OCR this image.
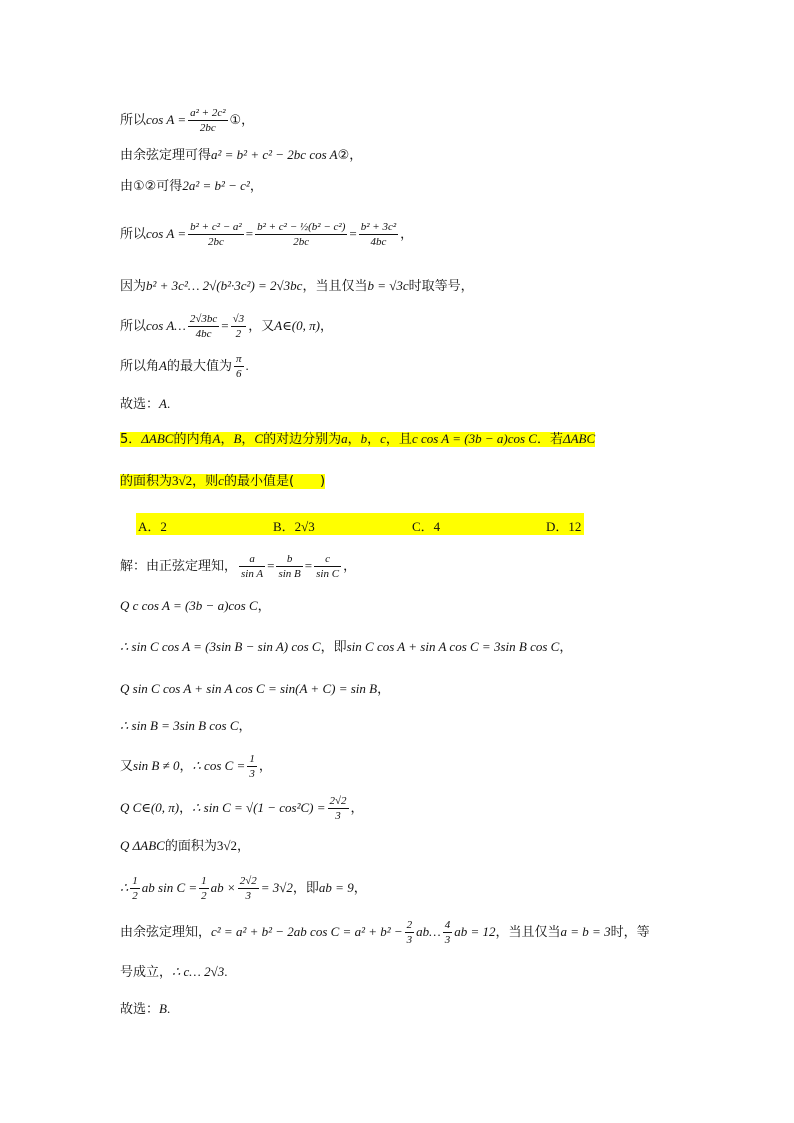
所以$\cos A = \frac{\text{a² + 2c²}}{2bc}$ ①，
由余弦定理可得a² = b² + c² − 2bc cos A②，
由①②可得2a² = b² − c²，
所以$\cos A = \frac{\text{b² + c² − a²}}{2bc} = \frac{\text{b² + c² − ½(b² − c²)}}{2bc} = \frac{\text{b² + 3c²}}{4bc}$ ，
因为b² + 3c²… 2√(b²·3c²) = 2√3bc，当且仅当b = √3c时取等号，
所以cos A… $\frac{2√3bc}{4bc} = \frac{√3}{2}$ ，又A∈(0, π)，
所以角A的最大值为 $\frac{\pi}{6}$ .
故选：A.
5．ΔABC的内角A，B，C的对边分别为a，b，c，且c cos A = (3b − a)cos C．若ΔABC
的面积为3√2，则c的最小值是(　　)
A．2	B．2√3	C．4	D．12
解：由正弦定理知， $\frac{a}{\text{sin A}} = \frac{b}{\text{sin B}} = \frac{c}{\text{sin C}}$ ，
Q c cos A = (3b − a)cos C，
∴ sin C cos A = (3sin B − sin A) cos C，即sin C cos A + sin A cos C = 3sin B cos C，
Q sin C cos A + sin A cos C = sin(A + C) = sin B，
∴ sin B = 3sin B cos C，
又sin B ≠ 0，∴ $\cos C = \frac{1}{3}$ ，
Q C∈(0, π)，∴ $\sin C = √(1 - \cos^2C) = \frac{2√2}{3}$ ，
Q ΔABC的面积为3√2，
∴ $\frac{1}{2}$ ab $\sin C = \frac{1}{2}$ ab × $\frac{2√2}{3} = 3√2$，即ab = 9，
由余弦定理知，c² = a² + b² − 2ab $\cos C = a^2 + b^2 - \frac{2}{3}$ ab… $\frac{4}{3}$ ab = 12，当且仅当a = b = 3时，等
号成立，∴ c… 2√3.
故选：B.
